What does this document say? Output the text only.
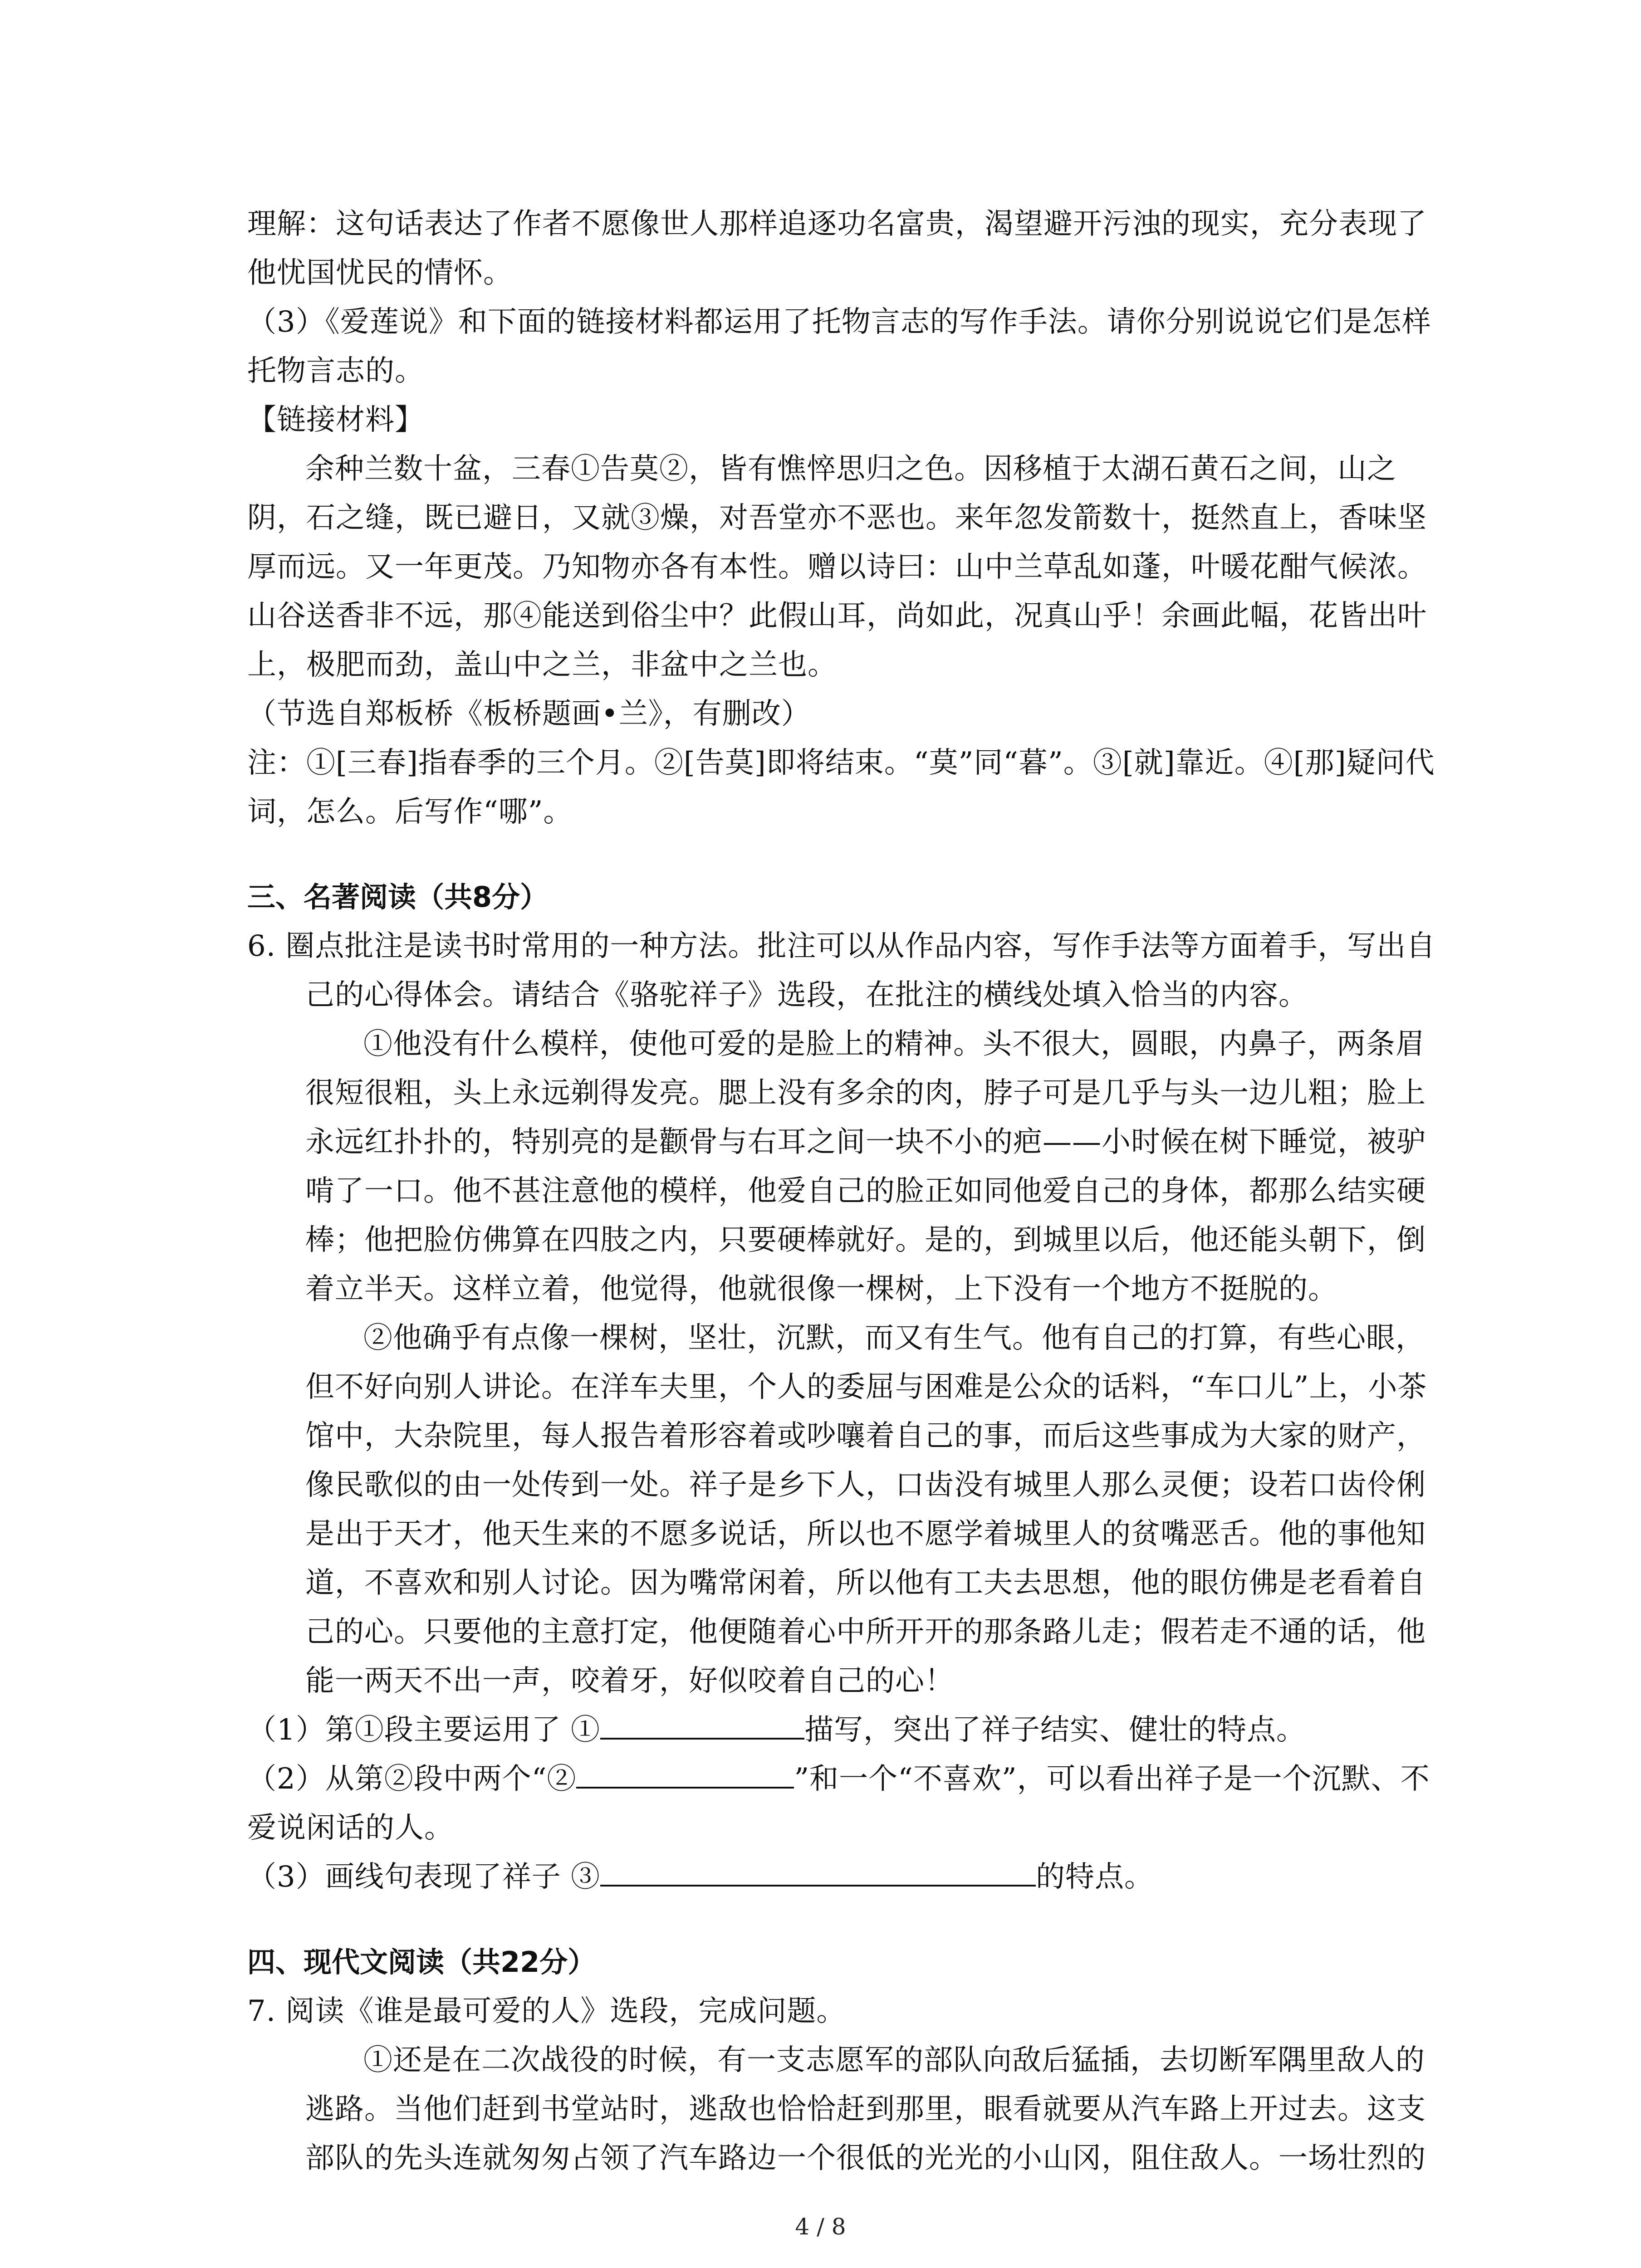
理解：这句话表达了作者不愿像世人那样追逐功名富贵，渴望避开污浊的现实，充分表现了他忧国忧民的情怀。

（3）《爱莲说》和下面的链接材料都运用了托物言志的写作手法。请你分别说说它们是怎样托物言志的。

【链接材料】

余种兰数十盆，三春①告莫②，皆有憔悴思归之色。因移植于太湖石黄石之间，山之阴，石之缝，既已避日，又就③燥，对吾堂亦不恶也。来年忽发箭数十，挺然直上，香味坚厚而远。又一年更茂。乃知物亦各有本性。赠以诗曰：山中兰草乱如蓬，叶暖花酣气候浓。山谷送香非不远，那④能送到俗尘中？此假山耳，尚如此，况真山乎！余画此幅，花皆出叶上，极肥而劲，盖山中之兰，非盆中之兰也。

（节选自郑板桥《板桥题画•兰》，有删改）

注：①[三春]指春季的三个月。②[告莫]即将结束。“莫”同“暮”。③[就]靠近。④[那]疑问代词，怎么。后写作“哪”。

三、名著阅读（共8分）

6. 圈点批注是读书时常用的一种方法。批注可以从作品内容，写作手法等方面着手，写出自己的心得体会。请结合《骆驼祥子》选段，在批注的横线处填入恰当的内容。

①他没有什么模样，使他可爱的是脸上的精神。头不很大，圆眼，内鼻子，两条眉很短很粗，头上永远剃得发亮。腮上没有多余的肉，脖子可是几乎与头一边儿粗；脸上永远红扑扑的，特别亮的是颧骨与右耳之间一块不小的疤——小时候在树下睡觉，被驴啃了一口。他不甚注意他的模样，他爱自己的脸正如同他爱自己的身体，都那么结实硬棒；他把脸仿佛算在四肢之内，只要硬棒就好。是的，到城里以后，他还能头朝下，倒着立半天。这样立着，他觉得，他就很像一棵树，上下没有一个地方不挺脱的。

②他确乎有点像一棵树，坚壮，沉默，而又有生气。他有自己的打算，有些心眼，但不好向别人讲论。在洋车夫里，个人的委屈与困难是公众的话料，“车口儿”上，小茶馆中，大杂院里，每人报告着形容着或吵嚷着自己的事，而后这些事成为大家的财产，像民歌似的由一处传到一处。祥子是乡下人，口齿没有城里人那么灵便；设若口齿伶俐是出于天才，他天生来的不愿多说话，所以也不愿学着城里人的贫嘴恶舌。他的事他知道，不喜欢和别人讨论。因为嘴常闲着，所以他有工夫去思想，他的眼仿佛是老看着自己的心。只要他的主意打定，他便随着心中所开开的那条路儿走；假若走不通的话，他能一两天不出一声，咬着牙，好似咬着自己的心！

（1）第①段主要运用了 ①	描写，突出了祥子结实、健壮的特点。

（2）从第②段中两个“②	”和一个“不喜欢”，可以看出祥子是一个沉默、不爱说闲话的人。

（3）画线句表现了祥子 ③	的特点。

四、现代文阅读（共22分）

7. 阅读《谁是最可爱的人》选段，完成问题。

①还是在二次战役的时候，有一支志愿军的部队向敌后猛插，去切断军隅里敌人的逃路。当他们赶到书堂站时，逃敌也恰恰赶到那里，眼看就要从汽车路上开过去。这支部队的先头连就匆匆占领了汽车路边一个很低的光光的小山冈，阻住敌人。一场壮烈的

4 / 8
